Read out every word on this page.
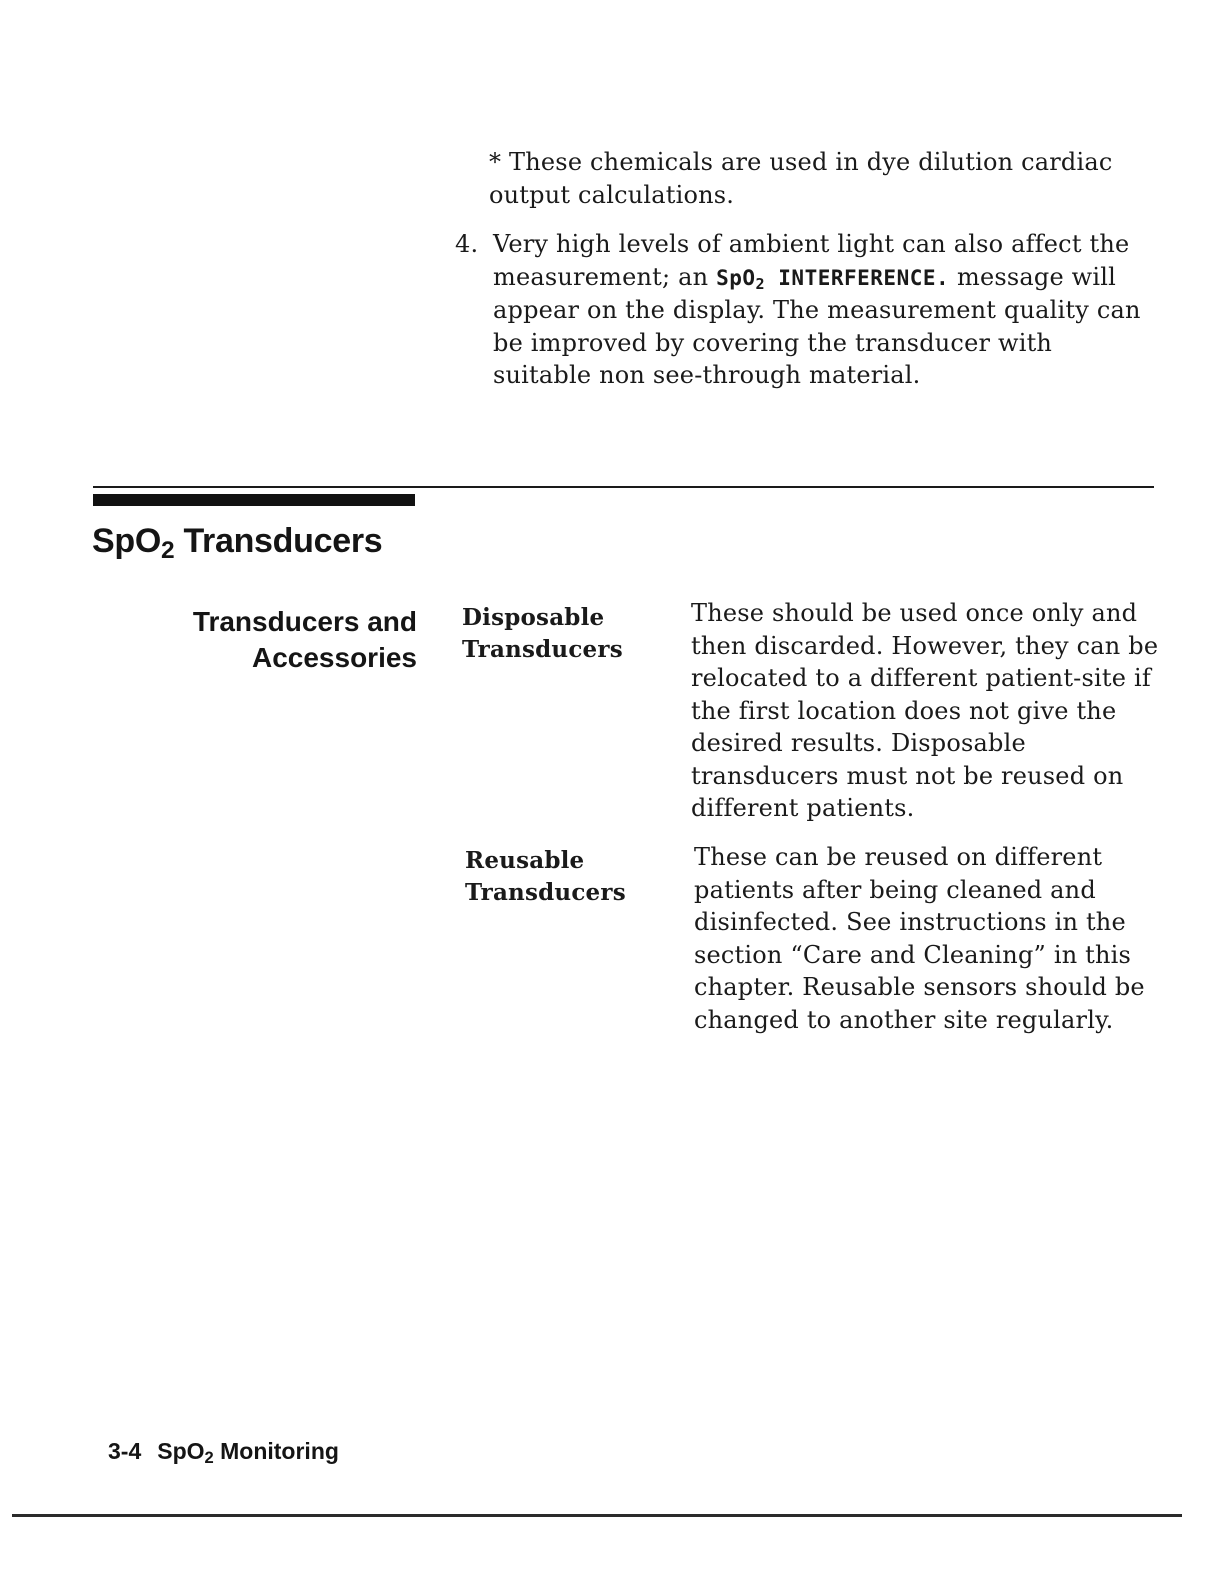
* These chemicals are used in dye dilution cardiac output calculations.
4. Very high levels of ambient light can also affect the measurement; an SpO$_2$ INTERFERENCE. message will appear on the display. The measurement quality can be improved by covering the transducer with suitable non see-through material.
SpO$_2$ Transducers
Transducers and
Accessories
Disposable
Transducers
These should be used once only and then discarded. However, they can be relocated to a different patient-site if the first location does not give the desired results. Disposable transducers must not be reused on different patients.
Reusable
Transducers
These can be reused on different patients after being cleaned and disinfected. See instructions in the section “Care and Cleaning” in this chapter. Reusable sensors should be changed to another site regularly.
3-4 SpO$_2$ Monitoring
